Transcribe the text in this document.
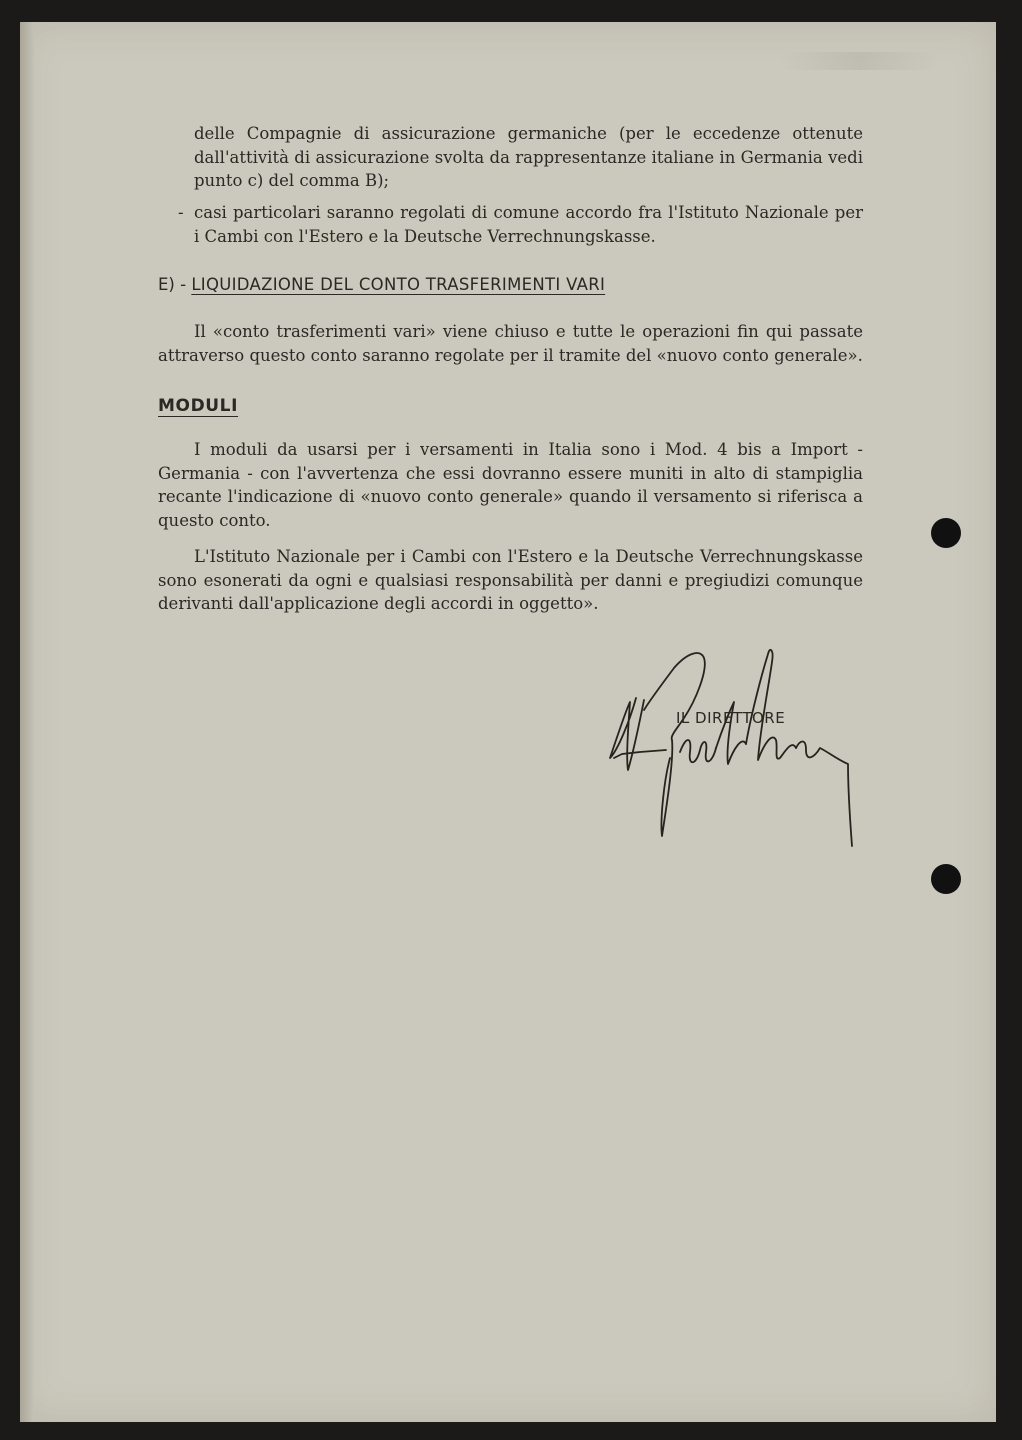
delle Compagnie di assicurazione germaniche (per le eccedenze ottenute dall'attività di assicurazione svolta da rappresentanze italiane in Germania vedi punto c) del comma B);
- casi particolari saranno regolati di comune accordo fra l'Istituto Nazionale per i Cambi con l'Estero e la Deutsche Verrechnungskasse.
E) - LIQUIDAZIONE DEL CONTO TRASFERIMENTI VARI
Il «conto trasferimenti vari» viene chiuso e tutte le operazioni fin qui passate attraverso questo conto saranno regolate per il tramite del «nuovo conto generale».
MODULI
I moduli da usarsi per i versamenti in Italia sono i Mod. 4 bis a Import - Germania - con l'avvertenza che essi dovranno essere muniti in alto di stampiglia recante l'indicazione di «nuovo conto generale» quando il versamento si riferisca a questo conto.
L'Istituto Nazionale per i Cambi con l'Estero e la Deutsche Verrechnungskasse sono esonerati da ogni e qualsiasi responsabilità per danni e pregiudizi comunque derivanti dall'applicazione degli accordi in oggetto».
IL DIRETTORE
